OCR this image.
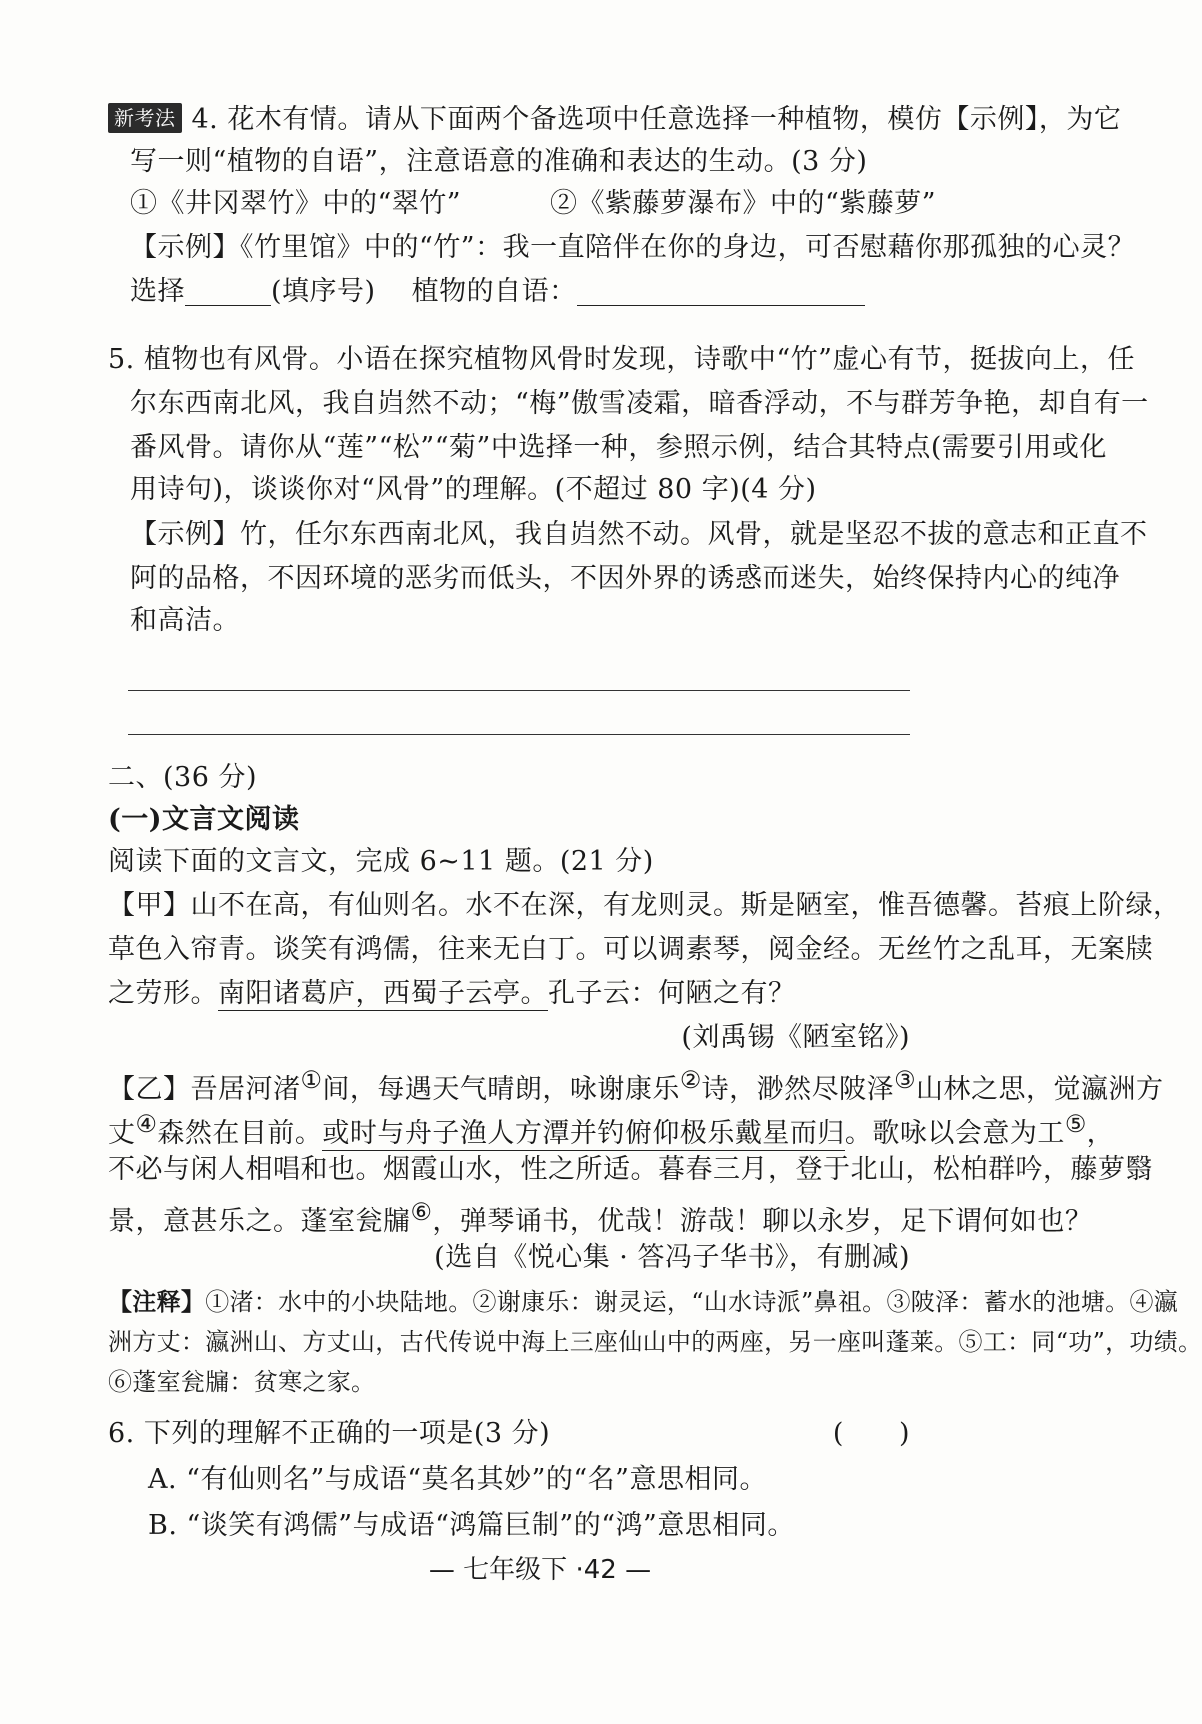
新考法 4. 花木有情。请从下面两个备选项中任意选择一种植物，模仿【示例】，为它
写一则“植物的自语”，注意语意的准确和表达的生动。(3 分)
①《井冈翠竹》中的“翠竹”	②《紫藤萝瀑布》中的“紫藤萝”
【示例】《竹里馆》中的“竹”：我一直陪伴在你的身边，可否慰藉你那孤独的心灵？
选择	(填序号) 植物的自语：
5. 植物也有风骨。小语在探究植物风骨时发现，诗歌中“竹”虚心有节，挺拔向上，任
尔东西南北风，我自岿然不动；“梅”傲雪凌霜，暗香浮动，不与群芳争艳，却自有一
番风骨。请你从“莲”“松”“菊”中选择一种，参照示例，结合其特点(需要引用或化
用诗句)，谈谈你对“风骨”的理解。(不超过 80 字)(4 分)
【示例】竹，任尔东西南北风，我自岿然不动。风骨，就是坚忍不拔的意志和正直不
阿的品格，不因环境的恶劣而低头，不因外界的诱惑而迷失，始终保持内心的纯净
和高洁。
二、(36 分)
(一)文言文阅读
阅读下面的文言文，完成 6~11 题。(21 分)
【甲】山不在高，有仙则名。水不在深，有龙则灵。斯是陋室，惟吾德馨。苔痕上阶绿，
草色入帘青。谈笑有鸿儒，往来无白丁。可以调素琴，阅金经。无丝竹之乱耳，无案牍
之劳形。南阳诸葛庐，西蜀子云亭。孔子云：何陋之有？
(刘禹锡《陋室铭》)
【乙】吾居河渚①间，每遇天气晴朗，咏谢康乐②诗，渺然尽陂泽③山林之思，觉瀛洲方
丈④森然在目前。或时与舟子渔人方潭并钓俯仰极乐戴星而归。歌咏以会意为工⑤，
不必与闲人相唱和也。烟霞山水，性之所适。暮春三月，登于北山，松柏群吟，藤萝翳
景，意甚乐之。蓬室瓮牖⑥，弹琴诵书，优哉！游哉！聊以永岁，足下谓何如也？
(选自《悦心集 · 答冯子华书》，有删减)
【注释】①渚：水中的小块陆地。②谢康乐：谢灵运，“山水诗派”鼻祖。③陂泽：蓄水的池塘。④瀛
洲方丈：瀛洲山、方丈山，古代传说中海上三座仙山中的两座，另一座叫蓬莱。⑤工：同“功”，功绩。
⑥蓬室瓮牖：贫寒之家。
6. 下列的理解不正确的一项是(3 分)	(　　)
A. “有仙则名”与成语“莫名其妙”的“名”意思相同。
B. “谈笑有鸿儒”与成语“鸿篇巨制”的“鸿”意思相同。
— 七年级下 ·42 —
